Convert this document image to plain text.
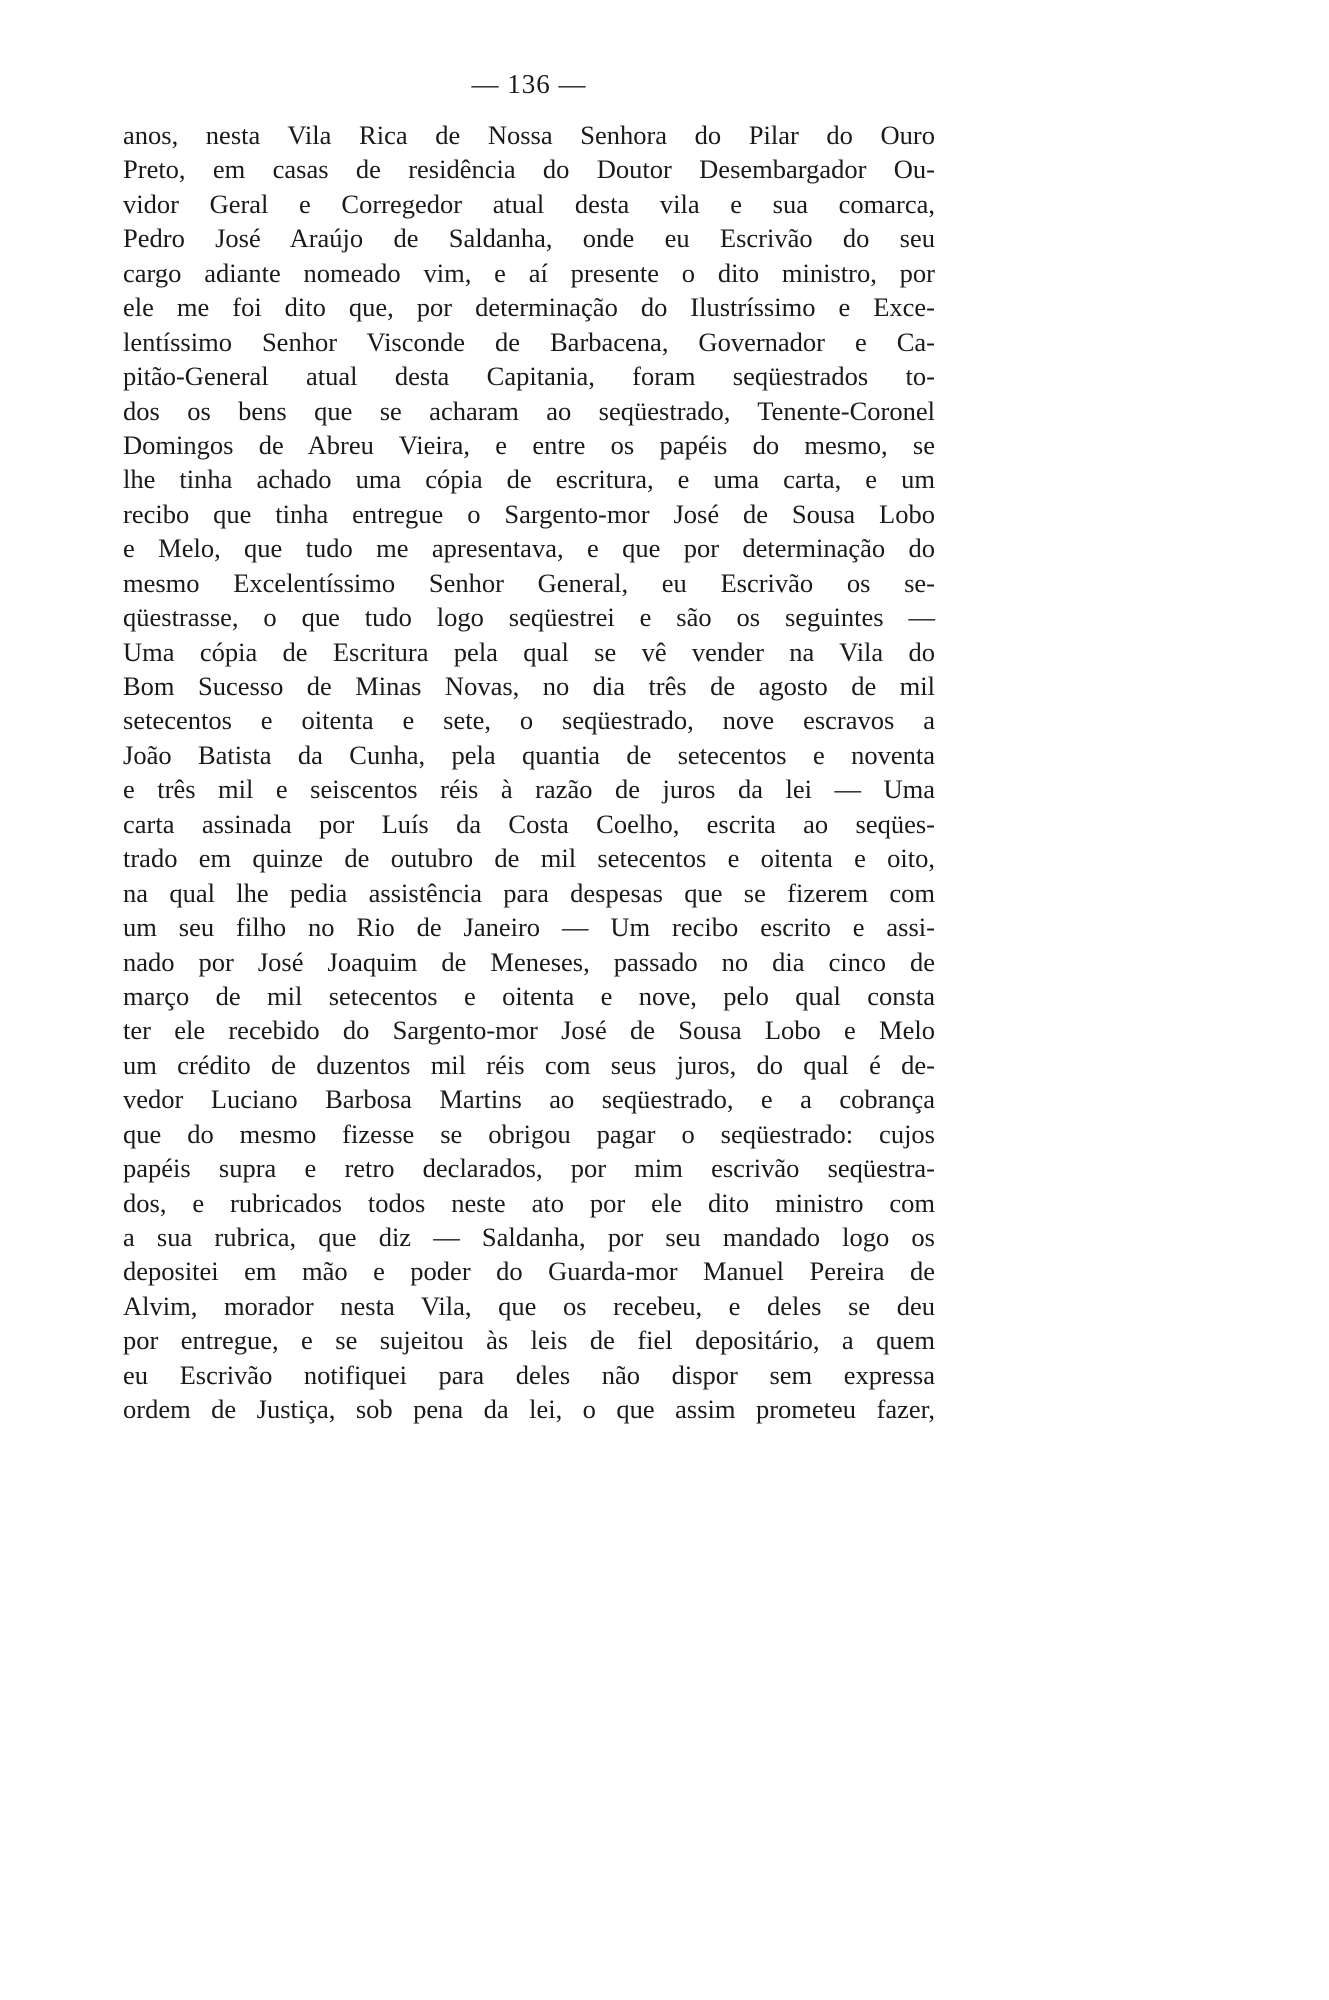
— 136 —
anos, nesta Vila Rica de Nossa Senhora do Pilar do Ouro
Preto, em casas de residência do Doutor Desembargador Ou-
vidor Geral e Corregedor atual desta vila e sua comarca,
Pedro José Araújo de Saldanha, onde eu Escrivão do seu
cargo adiante nomeado vim, e aí presente o dito ministro, por
ele me foi dito que, por determinação do Ilustríssimo e Exce-
lentíssimo Senhor Visconde de Barbacena, Governador e Ca-
pitão-General atual desta Capitania, foram seqüestrados to-
dos os bens que se acharam ao seqüestrado, Tenente-Coronel
Domingos de Abreu Vieira, e entre os papéis do mesmo, se
lhe tinha achado uma cópia de escritura, e uma carta, e um
recibo que tinha entregue o Sargento-mor José de Sousa Lobo
e Melo, que tudo me apresentava, e que por determinação do
mesmo Excelentíssimo Senhor General, eu Escrivão os se-
qüestrasse, o que tudo logo seqüestrei e são os seguintes —
Uma cópia de Escritura pela qual se vê vender na Vila do
Bom Sucesso de Minas Novas, no dia três de agosto de mil
setecentos e oitenta e sete, o seqüestrado, nove escravos a
João Batista da Cunha, pela quantia de setecentos e noventa
e três mil e seiscentos réis à razão de juros da lei — Uma
carta assinada por Luís da Costa Coelho, escrita ao seqües-
trado em quinze de outubro de mil setecentos e oitenta e oito,
na qual lhe pedia assistência para despesas que se fizerem com
um seu filho no Rio de Janeiro — Um recibo escrito e assi-
nado por José Joaquim de Meneses, passado no dia cinco de
março de mil setecentos e oitenta e nove, pelo qual consta
ter ele recebido do Sargento-mor José de Sousa Lobo e Melo
um crédito de duzentos mil réis com seus juros, do qual é de-
vedor Luciano Barbosa Martins ao seqüestrado, e a cobrança
que do mesmo fizesse se obrigou pagar o seqüestrado: cujos
papéis supra e retro declarados, por mim escrivão seqüestra-
dos, e rubricados todos neste ato por ele dito ministro com
a sua rubrica, que diz — Saldanha, por seu mandado logo os
depositei em mão e poder do Guarda-mor Manuel Pereira de
Alvim, morador nesta Vila, que os recebeu, e deles se deu
por entregue, e se sujeitou às leis de fiel depositário, a quem
eu Escrivão notifiquei para deles não dispor sem expressa
ordem de Justiça, sob pena da lei, o que assim prometeu fazer,
